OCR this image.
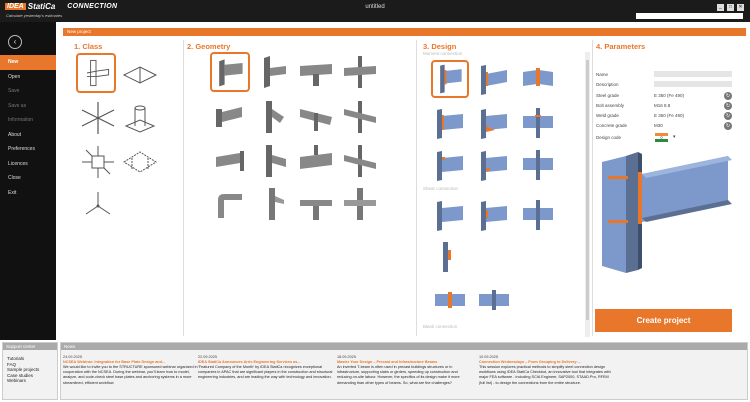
IDEA StatiCa CONNECTION
Calculate yesterday's estimates
untitled	_	□	✕
‹
New
Open
Save
Save as
Information
About
Preferences
Licences
Close
Exit
New project
1. Class	2. Geometry	3. Design	4. Parameters
Moment connection
Shear connection
Blank connection
Name
Description
Steel grade	E 350 (Fe 490)	↻
Bolt assembly	M16 8.8	↻
Weld grade	E 350 (Fe 490)	↻
Concrete grade	M30	↻
Design code	▾
Create project
Support center
Tutorials
FAQ
Sample projects
Case studies
Webinars
News
24.09.2025
NCSEA Webinar: Integration for Base Plate Design and...
We would like to invite you to the STRUCTURE sponsored webinar organized in cooperation with the NCSEA. During the webinar, you'll learn how to model, analyze, and code-check steel base plates and anchoring systems in a more streamlined, efficient workflow
22.09.2025
IDEA StatiCa Announces Arris Engineering Services as...
'Featured Company of the Month' by IDEA StatiCa recognizes exceptional companies in APAC that are significant players in the construction and structural engineering industries, and are leading the way with technology and innovation.
18.09.2025
Master Your Design – Precast and Infrastructure Beams
An inverted T-beam is often used in precast buildings structures or in infrastructure, supporting slabs or girders, speeding up construction and reducing on-site labour. However, the specifics of its design make it more demanding than other types of beams. So, what are the challenges?
10.09.2025
Connection Wednesdays – From Grouping to Delivery:...
This session explores practical methods to simplify steel connection design workflows using IDEA StatiCa Checkbot, an innovative tool that integrates with major FEA software - including SCIA Engineer, SAP2000, STAAD.Pro, RFEM (full list) - to design the connections from the entire structure.
